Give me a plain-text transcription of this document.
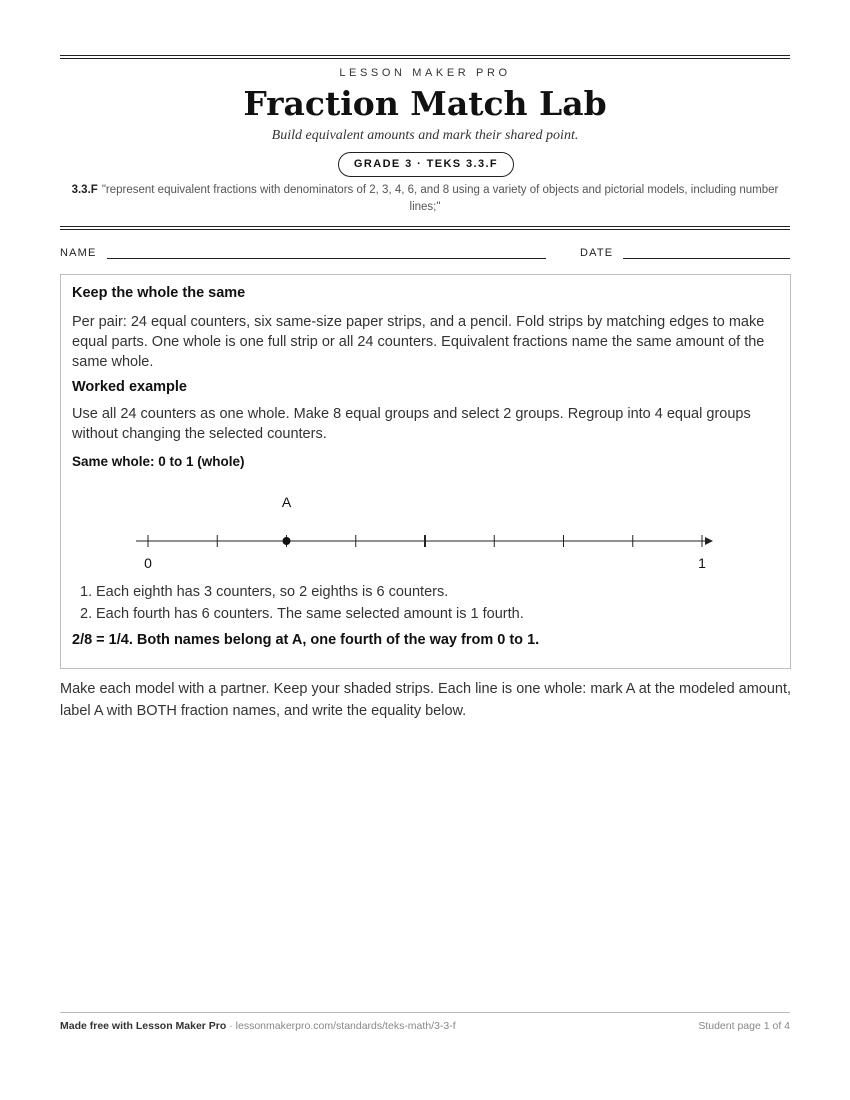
LESSON MAKER PRO
Fraction Match Lab
Build equivalent amounts and mark their shared point.
GRADE 3 · TEKS 3.3.F
3.3.F "represent equivalent fractions with denominators of 2, 3, 4, 6, and 8 using a variety of objects and pictorial models, including number lines;"
NAME	DATE
Keep the whole the same
Per pair: 24 equal counters, six same-size paper strips, and a pencil. Fold strips by matching edges to make equal parts. One whole is one full strip or all 24 counters. Equivalent fractions name the same amount of the same whole.
Worked example
Use all 24 counters as one whole. Make 8 equal groups and select 2 groups. Regroup into 4 equal groups without changing the selected counters.
Same whole: 0 to 1 (whole)
A
0	1
1. Each eighth has 3 counters, so 2 eighths is 6 counters.
2. Each fourth has 6 counters. The same selected amount is 1 fourth.
2/8 = 1/4. Both names belong at A, one fourth of the way from 0 to 1.
Make each model with a partner. Keep your shaded strips. Each line is one whole: mark A at the modeled amount, label A with BOTH fraction names, and write the equality below.
Made free with Lesson Maker Pro · lessonmakerpro.com/standards/teks-math/3-3-f	Student page 1 of 4
